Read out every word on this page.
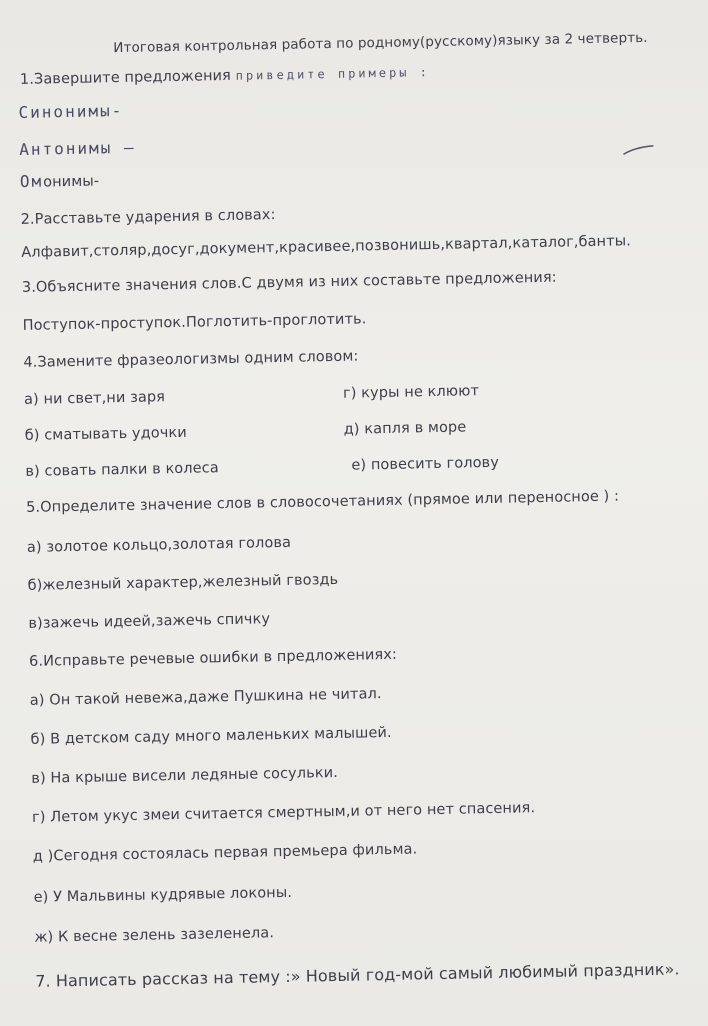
Итоговая контрольная работа по родному(русскому)языку за 2 четверть.
1.Завершите предложения приведите примеры :
Синонимы-
Антонимы –
Омонимы-
2.Расставьте ударения в словах:
Алфавит,столяр,досуг,документ,красивее,позвонишь,квартал,каталог,банты.
3.Объясните значения слов.С двумя из них составьте предложения:
Поступок-проступок.Поглотить-проглотить.
4.Замените фразеологизмы одним словом:
а) ни свет,ни заря	г) куры не клюют
б) сматывать удочки	д) капля в море
в) совать палки в колеса	е) повесить голову
5.Определите значение слов в словосочетаниях (прямое или переносное ) :
а) золотое кольцо,золотая голова
б)железный характер,железный гвоздь
в)зажечь идеей,зажечь спичку
6.Исправьте речевые ошибки в предложениях:
а) Он такой невежа,даже Пушкина не читал.
б) В детском саду много маленьких малышей.
в) На крыше висели ледяные сосульки.
г) Летом укус змеи считается смертным,и от него нет спасения.
д )Сегодня состоялась первая премьера фильма.
е) У Мальвины кудрявые локоны.
ж) К весне зелень зазеленела.
7. Написать рассказ на тему :» Новый год-мой самый любимый праздник».
